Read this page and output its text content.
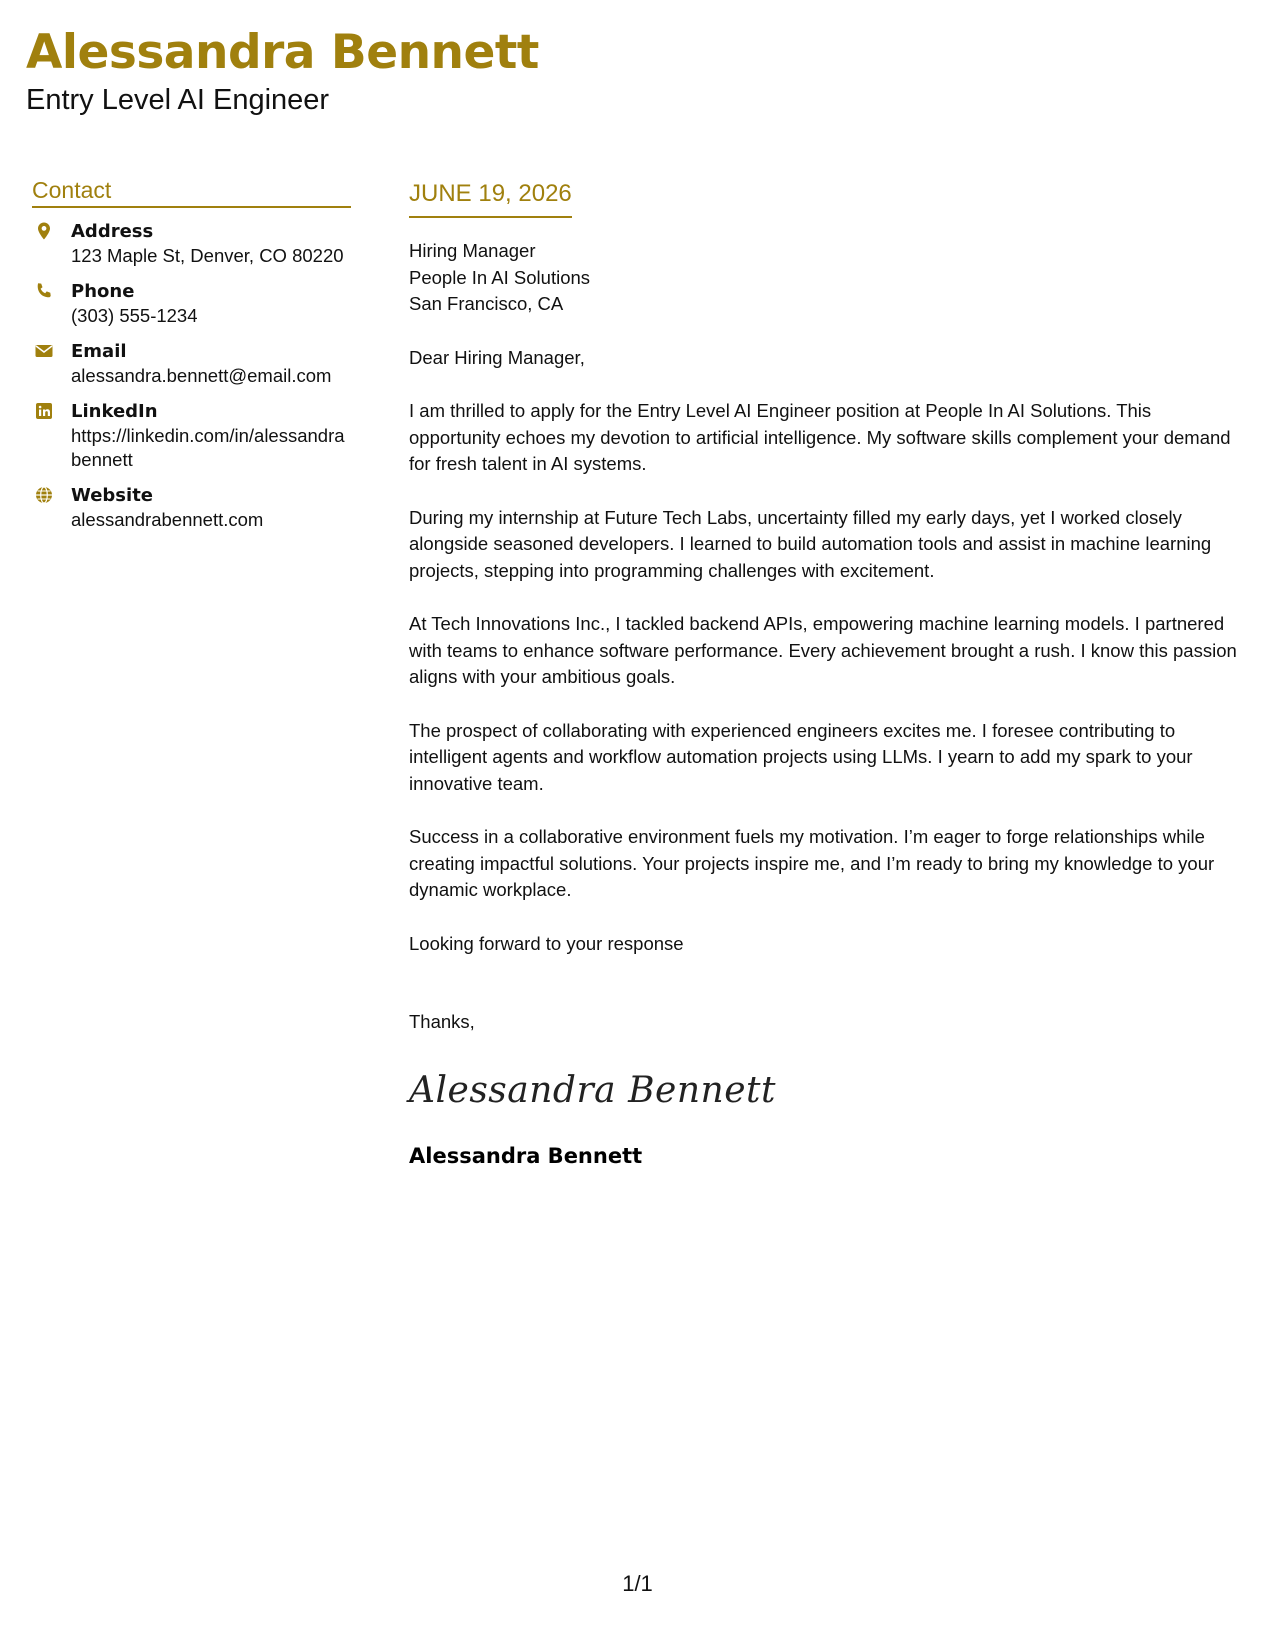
Alessandra Bennett
Entry Level AI Engineer
Contact
Address
123 Maple St, Denver, CO 80220
Phone
(303) 555-1234
Email
alessandra.bennett@email.com
LinkedIn
https://linkedin.com/in/alessandrabennett
Website
alessandrabennett.com
JUNE 19, 2026
Hiring Manager
People In AI Solutions
San Francisco, CA

Dear Hiring Manager,

I am thrilled to apply for the Entry Level AI Engineer position at People In AI Solutions. This opportunity echoes my devotion to artificial intelligence. My software skills complement your demand for fresh talent in AI systems.

During my internship at Future Tech Labs, uncertainty filled my early days, yet I worked closely alongside seasoned developers. I learned to build automation tools and assist in machine learning projects, stepping into programming challenges with excitement.

At Tech Innovations Inc., I tackled backend APIs, empowering machine learning models. I partnered with teams to enhance software performance. Every achievement brought a rush. I know this passion aligns with your ambitious goals.

The prospect of collaborating with experienced engineers excites me. I foresee contributing to intelligent agents and workflow automation projects using LLMs. I yearn to add my spark to your innovative team.

Success in a collaborative environment fuels my motivation. I’m eager to forge relationships while creating impactful solutions. Your projects inspire me, and I’m ready to bring my knowledge to your dynamic workplace.

Looking forward to your response
Thanks,
Alessandra Bennett
Alessandra Bennett
1/1
